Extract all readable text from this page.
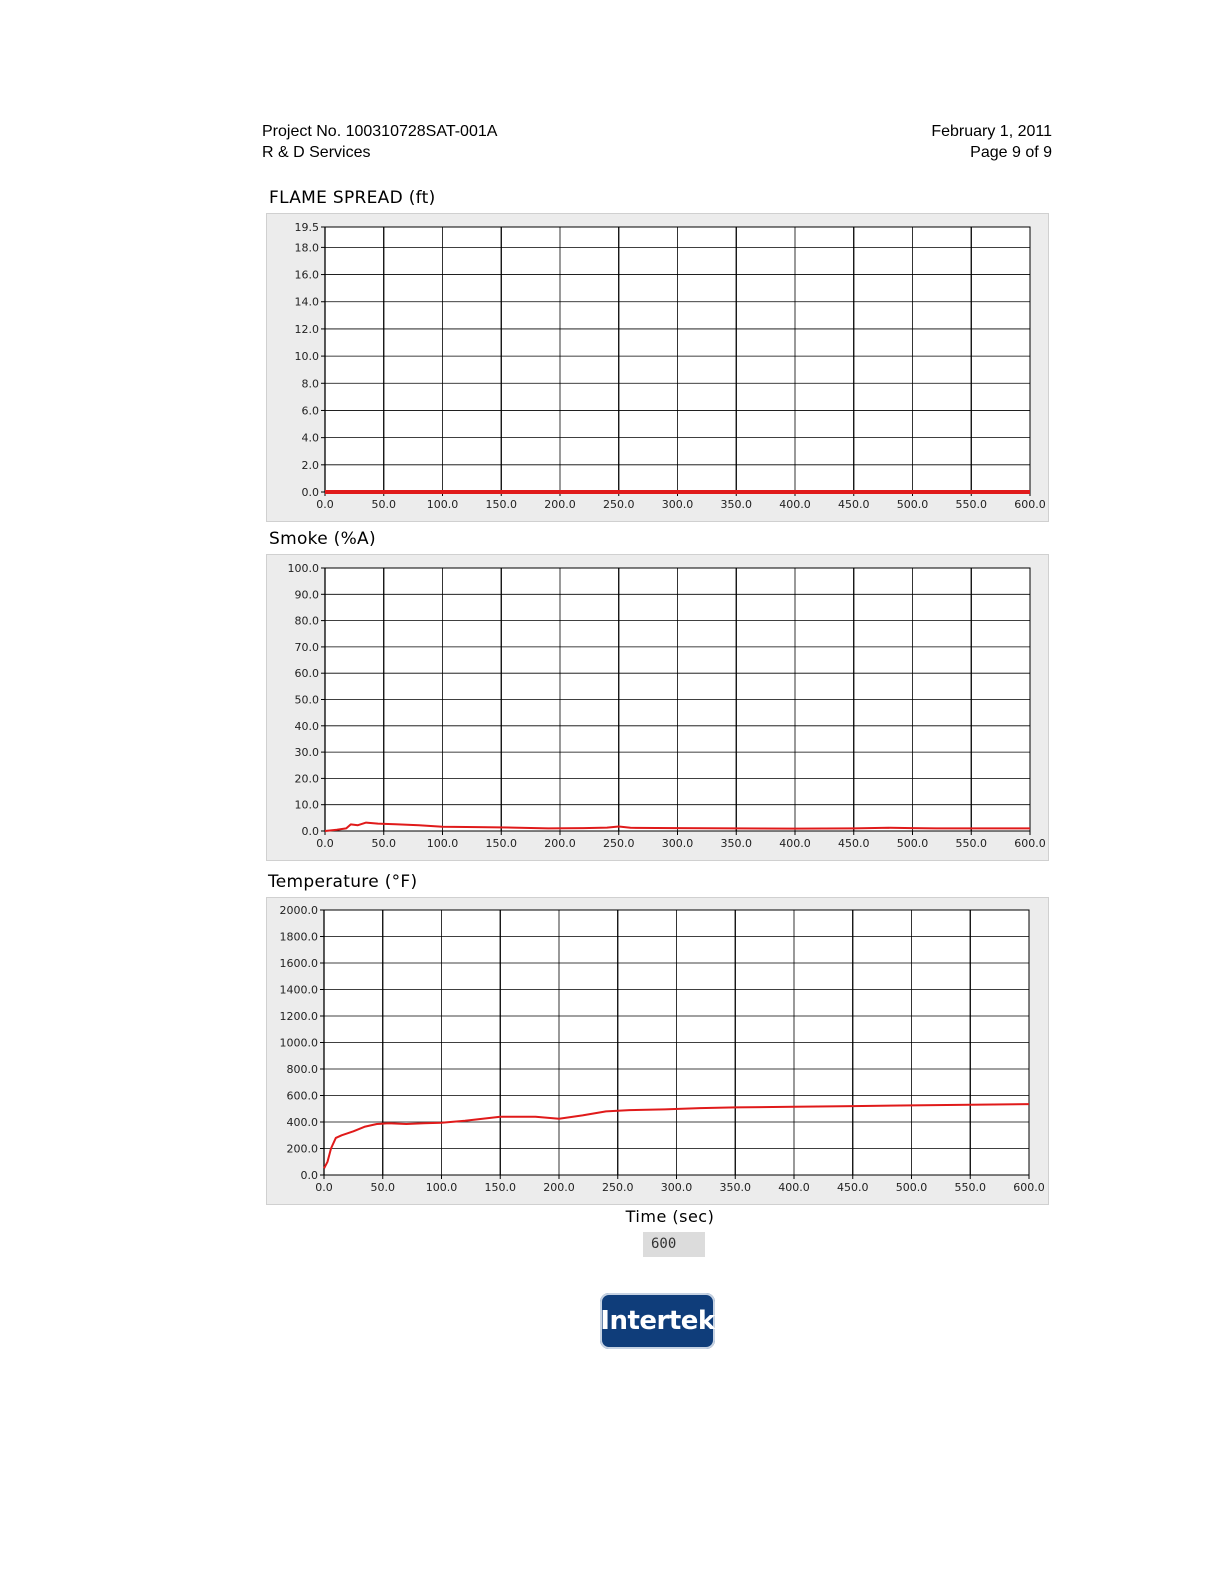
Project No. 100310728SAT-001A
R & D Services
February 1, 2011
Page 9 of 9
FLAME SPREAD (ft)
0.0	50.0	100.0 150.0 200.0 250.0 300.0 350.0 400.0 450.0 500.0 550.0 600.0
0.0
2.0
4.0
6.0
8.0
10.0
12.0
14.0
16.0
18.0
19.5
Smoke (%A)
0.0	50.0	100.0 150.0 200.0 250.0 300.0 350.0 400.0 450.0 500.0 550.0 600.0
0.0
10.0
20.0
30.0
40.0
50.0
60.0
70.0
80.0
90.0
100.0
Temperature (°F)
0.0	50.0	100.0 150.0 200.0 250.0 300.0 350.0 400.0 450.0 500.0 550.0 600.0
0.0
200.0
400.0
600.0
800.0
1000.0
1200.0
1400.0
1600.0
1800.0
2000.0
Time (sec)
600
Intertek
